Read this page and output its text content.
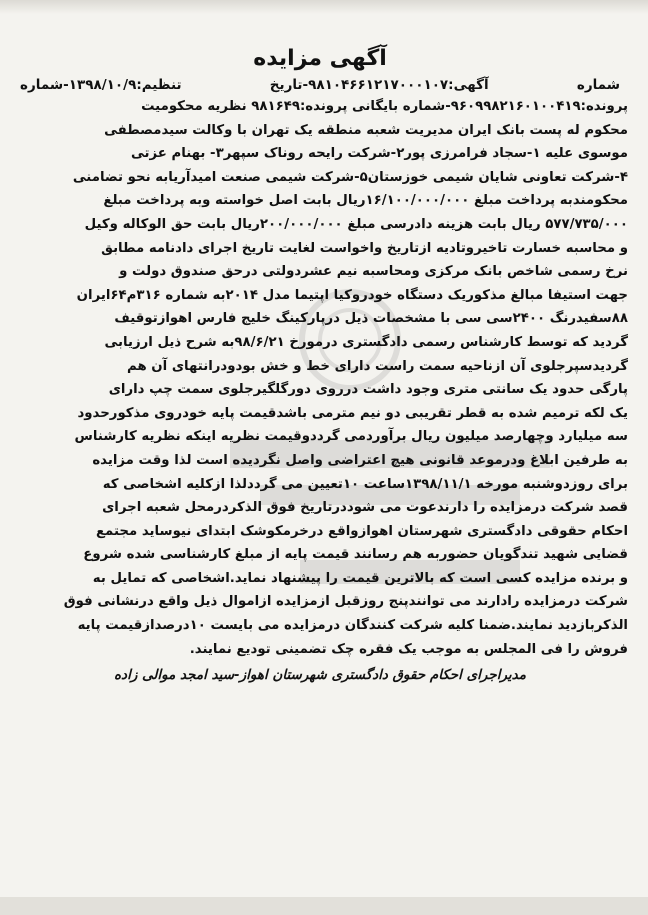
آگهی مزایده
شماره
آگهی:۹۸۱۰۴۶۶۱۲۱۷۰۰۰۱۰۷-تاریخ
تنظیم:۱۳۹۸/۱۰/۹-شماره
پرونده:۹۶۰۹۹۸۲۱۶۰۱۰۰۴۱۹-شماره بایگانی پرونده:۹۸۱۶۴۹ نظریه محکومیت
محکوم له پست بانک ایران مدیریت شعبه منطقه یک تهران با وکالت سیدمصطفی
موسوی علیه ۱-سجاد فرامرزی پور۲-شرکت رایحه روناک سپهر۳- بهنام عزتی
۴-شرکت تعاونی شایان شیمی خوزستان۵-شرکت شیمی صنعت امیدآریابه نحو تضامنی
محکومندبه پرداخت مبلغ ۱۶/۱۰۰/۰۰۰/۰۰۰ریال بابت اصل خواسته وبه پرداخت مبلغ
۵۷۷/۷۳۵/۰۰۰ ریال بابت هزینه دادرسی مبلغ ۲۰۰/۰۰۰/۰۰۰ریال بابت حق الوکاله وکیل
و محاسبه خسارت تاخیروتادیه ازتاریخ واخواست لغایت تاریخ اجرای دادنامه مطابق
نرخ رسمی شاخص بانک مرکزی ومحاسبه نیم عشردولتی درحق صندوق دولت و
جهت استیفا مبالغ مذکوریک دستگاه خودروکیا اپتیما مدل ۲۰۱۴به شماره ۳۱۶م۶۴ایران
۸۸سفیدرنگ ۲۴۰۰سی سی با مشخصات ذیل درپارکینگ خلیج فارس اهوازتوقیف
گردید که توسط کارشناس رسمی دادگستری درمورخ ۹۸/۶/۲۱به شرح ذیل ارزیابی
گردیدسپرجلوی آن ازناحیه سمت راست دارای خط و خش بودودرانتهای آن هم
پارگی حدود یک سانتی متری وجود داشت درروی دورگلگیرجلوی سمت چپ دارای
یک لکه ترمیم شده به قطر تقریبی دو نیم مترمی باشدقیمت پایه خودروی مذکورحدود
سه میلیارد وچهارصد میلیون ریال برآوردمی گرددوقیمت نظریه اینکه نظریه کارشناس
به طرفین ابلاغ ودرموعد قانونی هیچ اعتراضی واصل نگردیده است لذا وقت مزایده
برای روزدوشنبه مورخه ۱۳۹۸/۱۱/۱ساعت ۱۰تعیین می گرددلذا ازکلیه اشخاصی که
قصد شرکت درمزایده را دارندعوت می شوددرتاریخ فوق الذکردرمحل شعبه اجرای
احکام حقوقی دادگستری شهرستان اهوازواقع درخرمکوشک ابتدای نیوساید مجتمع
قضایی شهید تندگویان حضوربه هم رسانند قیمت پایه از مبلغ کارشناسی شده شروع
و برنده مزایده کسی است که بالاترین قیمت را پیشنهاد نماید.اشخاصی که تمایل به
شرکت درمزایده رادارند می توانندپنج روزقبل ازمزایده ازاموال ذیل واقع درنشانی فوق
الذکربازدید نمایند.ضمنا کلیه شرکت کنندگان درمزایده می بایست ۱۰درصدازقیمت پایه
فروش را فی المجلس به موجب یک فقره چک تضمینی تودیع نمایند.
مدیراجرای احکام حقوق دادگستری شهرستان اهواز-سید امجد موالی زاده
